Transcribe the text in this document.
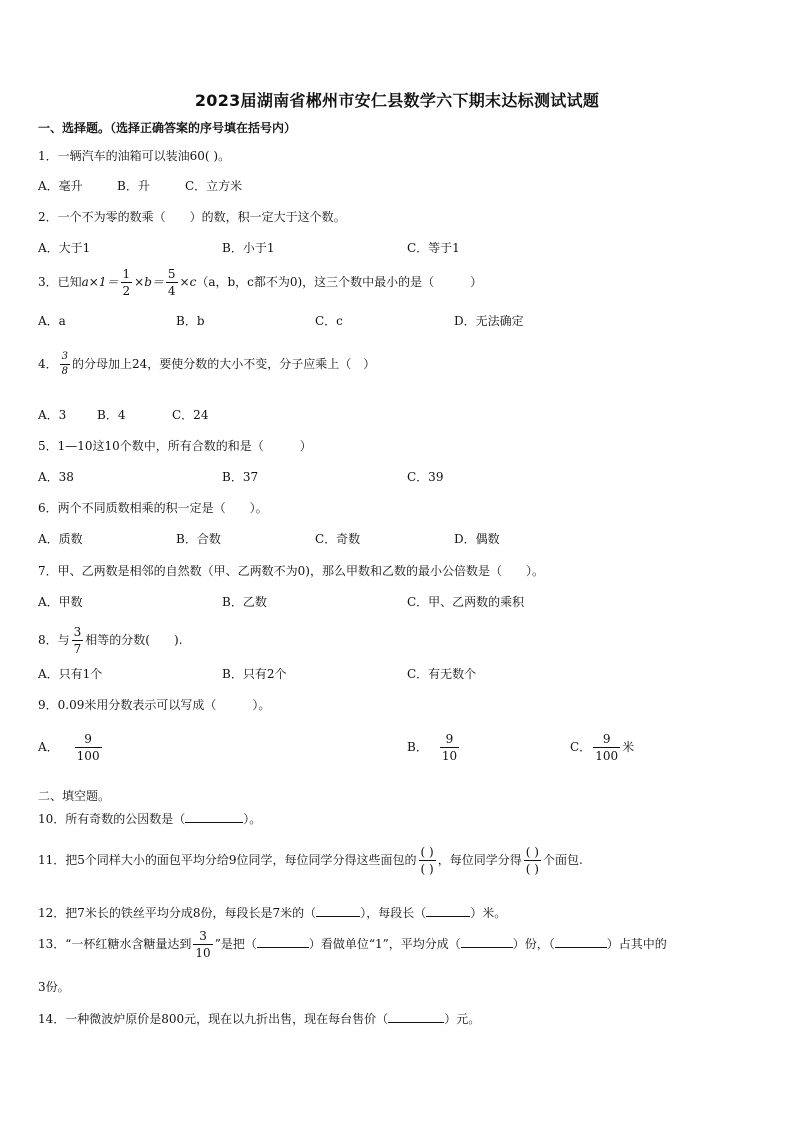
2023届湖南省郴州市安仁县数学六下期末达标测试试题
一、选择题。（选择正确答案的序号填在括号内）
1．一辆汽车的油箱可以装油60( )。
A．毫升	B．升	C．立方米
2．一个不为零的数乘（　　）的数，积一定大于这个数。
A．大于1	B．小于1	C．等于1
3．已知$a\times 1= \frac{1}{2} \times b= \frac{5}{4} \times c(a$，b，c都不为0)，这三个数中最小的是（　　　）
A．a	B．b	C．c	D．无法确定
4． $\frac{3}{8}$ 的分母加上24，要使分数的大小不变，分子应乘上（　）
A．3	B．4	C．24
5．1—10这10个数中，所有合数的和是（　　　）
A．38	B．37	C．39
6．两个不同质数相乘的积一定是（　　）。
A．质数	B．合数	C．奇数	D．偶数
7．甲、乙两数是相邻的自然数（甲、乙两数不为0)，那么甲数和乙数的最小公倍数是（　　）。
A．甲数	B．乙数	C．甲、乙两数的乘积
8．与 $\frac{3}{7}$ 相等的分数(　　).
A．只有1个	B．只有2个	C．有无数个
9．0.09米用分数表示可以写成（　　　）。
A． $\frac{9}{100}$	B． $\frac{9}{10}$	C． $\frac{9}{100}$ 米
二、填空题。
10．所有奇数的公因数是（	）。
11．把5个同样大小的面包平均分给9位同学，每位同学分得这些面包的 $\frac{( )}{( )}$ ，每位同学分得 $\frac{( )}{( )}$ 个面包.
12．把7米长的铁丝平均分成8份，每段长是7米的（	），每段长（	）米。
13．“一杯红糖水含糖量达到 $\frac{3}{10}$ ”是把（	）看做单位“1”，平均分成（	）份，（	）占其中的
3份。
14．一种微波炉原价是800元，现在以九折出售，现在每台售价（	）元。
